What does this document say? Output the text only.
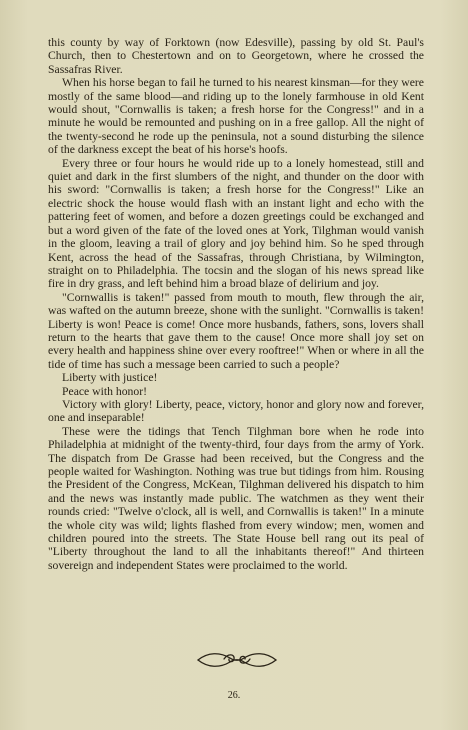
this county by way of Forktown (now Edesville), passing by old St. Paul's Church, then to Chestertown and on to Georgetown, where he crossed the Sassafras River.

When his horse began to fail he turned to his nearest kinsman—for they were mostly of the same blood—and riding up to the lonely farmhouse in old Kent would shout, "Cornwallis is taken; a fresh horse for the Congress!" and in a minute he would be remounted and pushing on in a free gallop. All the night of the twenty-second he rode up the peninsula, not a sound disturbing the silence of the darkness except the beat of his horse's hoofs.

Every three or four hours he would ride up to a lonely homestead, still and quiet and dark in the first slumbers of the night, and thunder on the door with his sword: "Cornwallis is taken; a fresh horse for the Congress!" Like an electric shock the house would flash with an instant light and echo with the pattering feet of women, and before a dozen greetings could be exchanged and but a word given of the fate of the loved ones at York, Tilghman would vanish in the gloom, leaving a trail of glory and joy behind him. So he sped through Kent, across the head of the Sassafras, through Christiana, by Wilmington, straight on to Philadelphia. The tocsin and the slogan of his news spread like fire in dry grass, and left behind him a broad blaze of delirium and joy.

"Cornwallis is taken!" passed from mouth to mouth, flew through the air, was wafted on the autumn breeze, shone with the sunlight. "Cornwallis is taken! Liberty is won! Peace is come! Once more husbands, fathers, sons, lovers shall return to the hearts that gave them to the cause! Once more shall joy set on every health and happiness shine over every rooftree!" When or where in all the tide of time has such a message been carried to such a people?

Liberty with justice!

Peace with honor!

Victory with glory! Liberty, peace, victory, honor and glory now and forever, one and inseparable!

These were the tidings that Tench Tilghman bore when he rode into Philadelphia at midnight of the twenty-third, four days from the army of York. The dispatch from De Grasse had been received, but the Congress and the people waited for Washington. Nothing was true but tidings from him. Rousing the President of the Congress, McKean, Tilghman delivered his dispatch to him and the news was instantly made public. The watchmen as they went their rounds cried: "Twelve o'clock, all is well, and Cornwallis is taken!" In a minute the whole city was wild; lights flashed from every window; men, women and children poured into the streets. The State House bell rang out its peal of "Liberty throughout the land to all the inhabitants thereof!" And thirteen sovereign and independent States were proclaimed to the world.

26.
